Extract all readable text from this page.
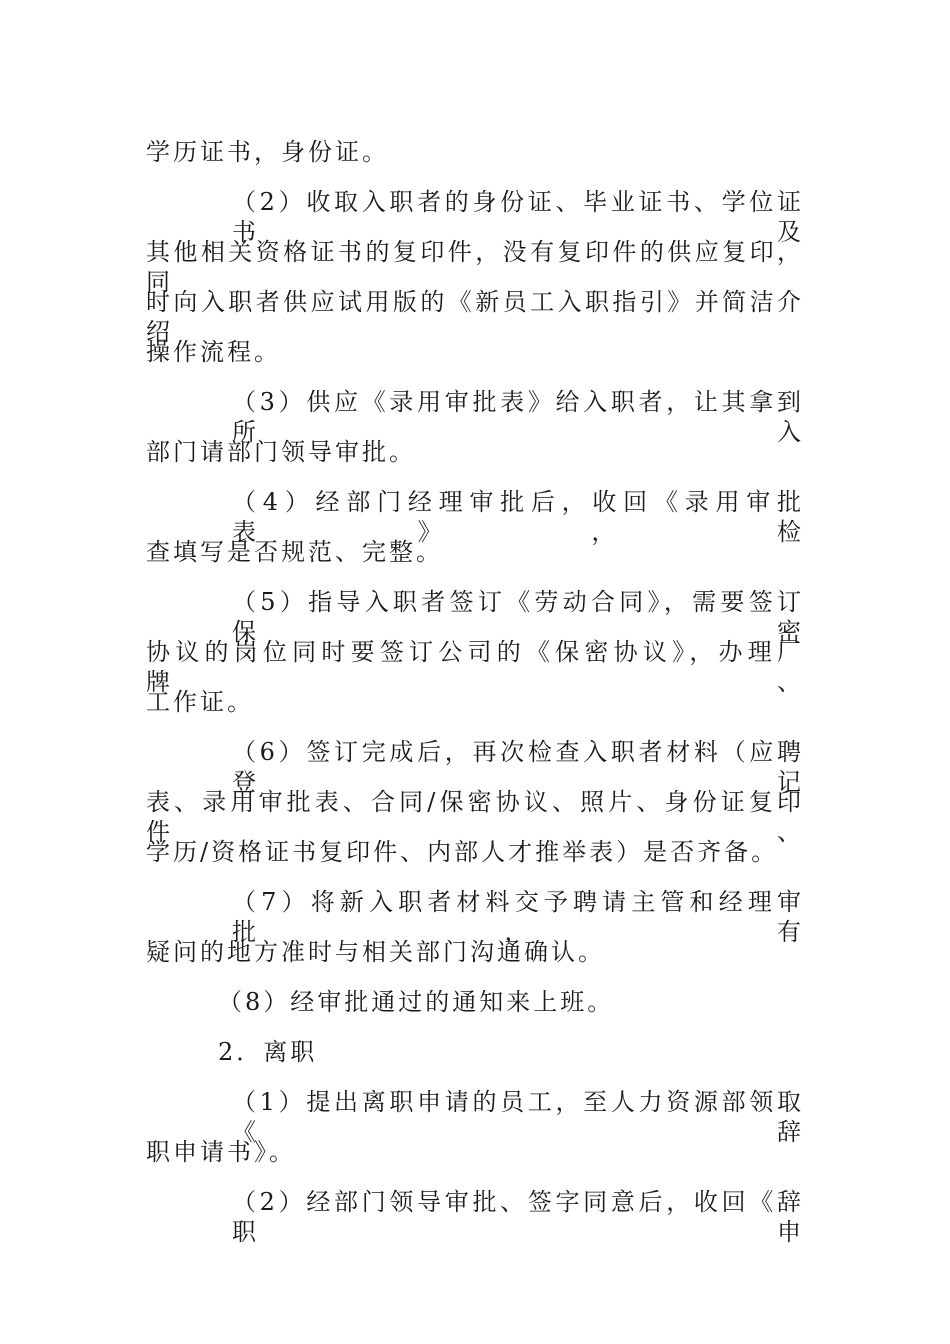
学历证书，身份证。
（2）收取入职者的身份证、毕业证书、学位证书及
其他相关资格证书的复印件，没有复印件的供应复印，同
时向入职者供应试用版的《新员工入职指引》并简洁介绍
操作流程。
（3）供应《录用审批表》给入职者，让其拿到所入
部门请部门领导审批。
（4）经部门经理审批后，收回《录用审批表》，检
查填写是否规范、完整。
（5）指导入职者签订《劳动合同》，需要签订保密
协议的岗位同时要签订公司的《保密协议》，办理厂牌、
工作证。
（6）签订完成后，再次检查入职者材料（应聘登记
表、录用审批表、合同/保密协议、照片、身份证复印件、
学历/资格证书复印件、内部人才推举表）是否齐备。
（7）将新入职者材料交予聘请主管和经理审批，有
疑问的地方准时与相关部门沟通确认。
（8）经审批通过的通知来上班。
2．离职
（1）提出离职申请的员工，至人力资源部领取《辞
职申请书》。
（2）经部门领导审批、签字同意后，收回《辞职申
